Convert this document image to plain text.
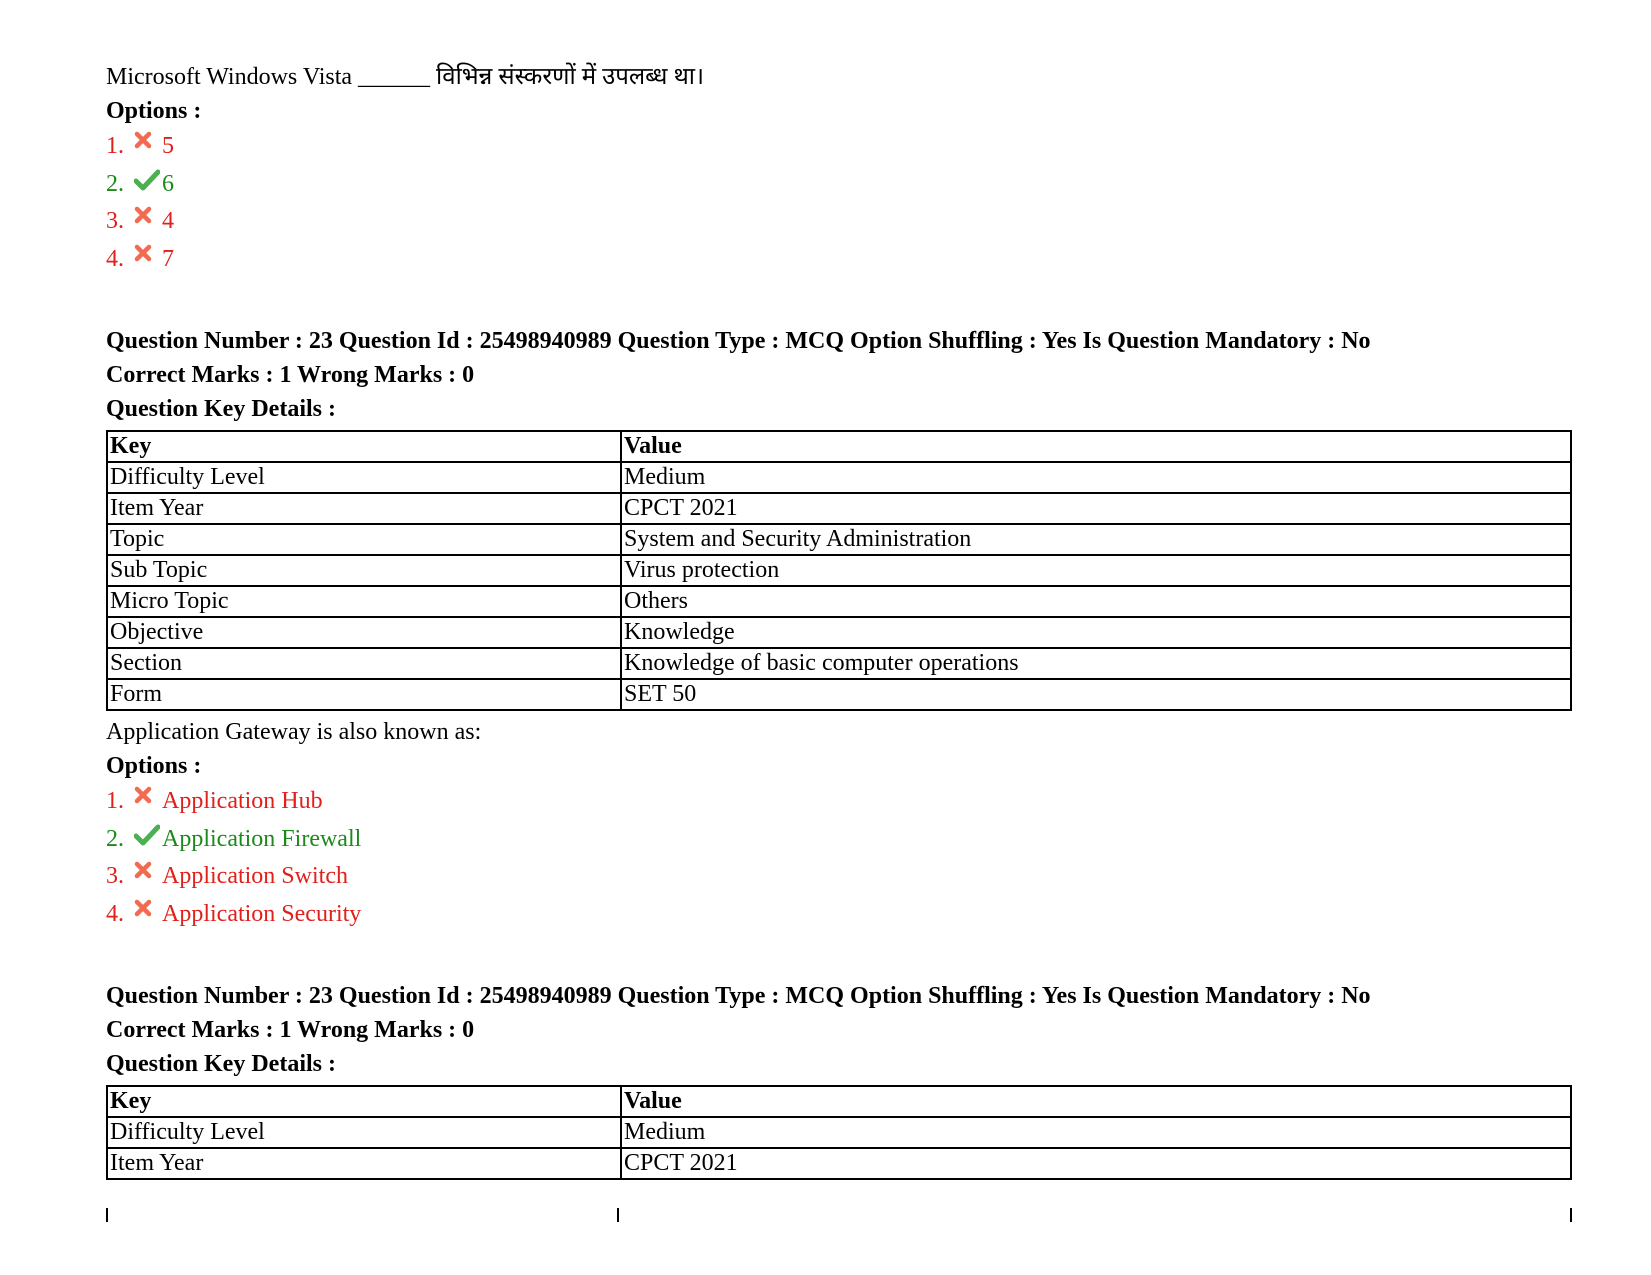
Microsoft Windows Vista ______ विभिन्न संस्करणों में उपलब्ध था।

Options :

1.	5
2.	6
3.	4
4.	7

Question Number : 23 Question Id : 25498940989 Question Type : MCQ Option Shuffling : Yes Is Question Mandatory : No

Correct Marks : 1 Wrong Marks : 0

Question Key Details :

Key	Value
Difficulty Level	Medium
Item Year	CPCT 2021
Topic	System and Security Administration
Sub Topic	Virus protection
Micro Topic	Others
Objective	Knowledge
Section	Knowledge of basic computer operations
Form	SET 50

Application Gateway is also known as:

Options :

1.	Application Hub
2.	Application Firewall
3.	Application Switch
4.	Application Security

Question Number : 23 Question Id : 25498940989 Question Type : MCQ Option Shuffling : Yes Is Question Mandatory : No

Correct Marks : 1 Wrong Marks : 0

Question Key Details :

Key	Value
Difficulty Level	Medium
Item Year	CPCT 2021
